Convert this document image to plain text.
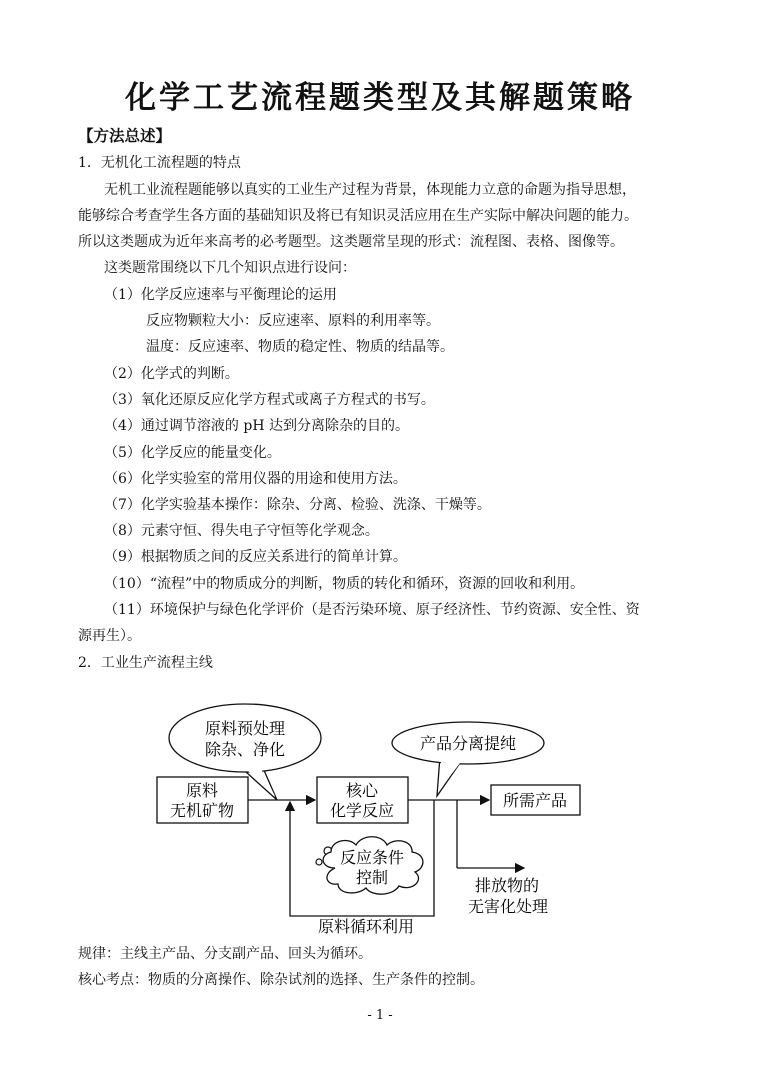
化学工艺流程题类型及其解题策略
【方法总述】
1．无机化工流程题的特点
无机工业流程题能够以真实的工业生产过程为背景，体现能力立意的命题为指导思想，
能够综合考查学生各方面的基础知识及将已有知识灵活应用在生产实际中解决问题的能力。
所以这类题成为近年来高考的必考题型。这类题常呈现的形式：流程图、表格、图像等。
这类题常围绕以下几个知识点进行设问：
（1）化学反应速率与平衡理论的运用
反应物颗粒大小：反应速率、原料的利用率等。
温度：反应速率、物质的稳定性、物质的结晶等。
（2）化学式的判断。
（3）氧化还原反应化学方程式或离子方程式的书写。
（4）通过调节溶液的 pH 达到分离除杂的目的。
（5）化学反应的能量变化。
（6）化学实验室的常用仪器的用途和使用方法。
（7）化学实验基本操作：除杂、分离、检验、洗涤、干燥等。
（8）元素守恒、得失电子守恒等化学观念。
（9）根据物质之间的反应关系进行的简单计算。
（10）“流程”中的物质成分的判断，物质的转化和循环，资源的回收和利用。
（11）环境保护与绿色化学评价（是否污染环境、原子经济性、节约资源、安全性、资
源再生）。
2．工业生产流程主线
原料预处理
除杂、净化	产品分离提纯
原料
无机矿物
核心
化学反应
所需产品
排放物的
无害化处理
原料循环利用
反应条件
控制
规律：主线主产品、分支副产品、回头为循环。
核心考点：物质的分离操作、除杂试剂的选择、生产条件的控制。
- 1 -
